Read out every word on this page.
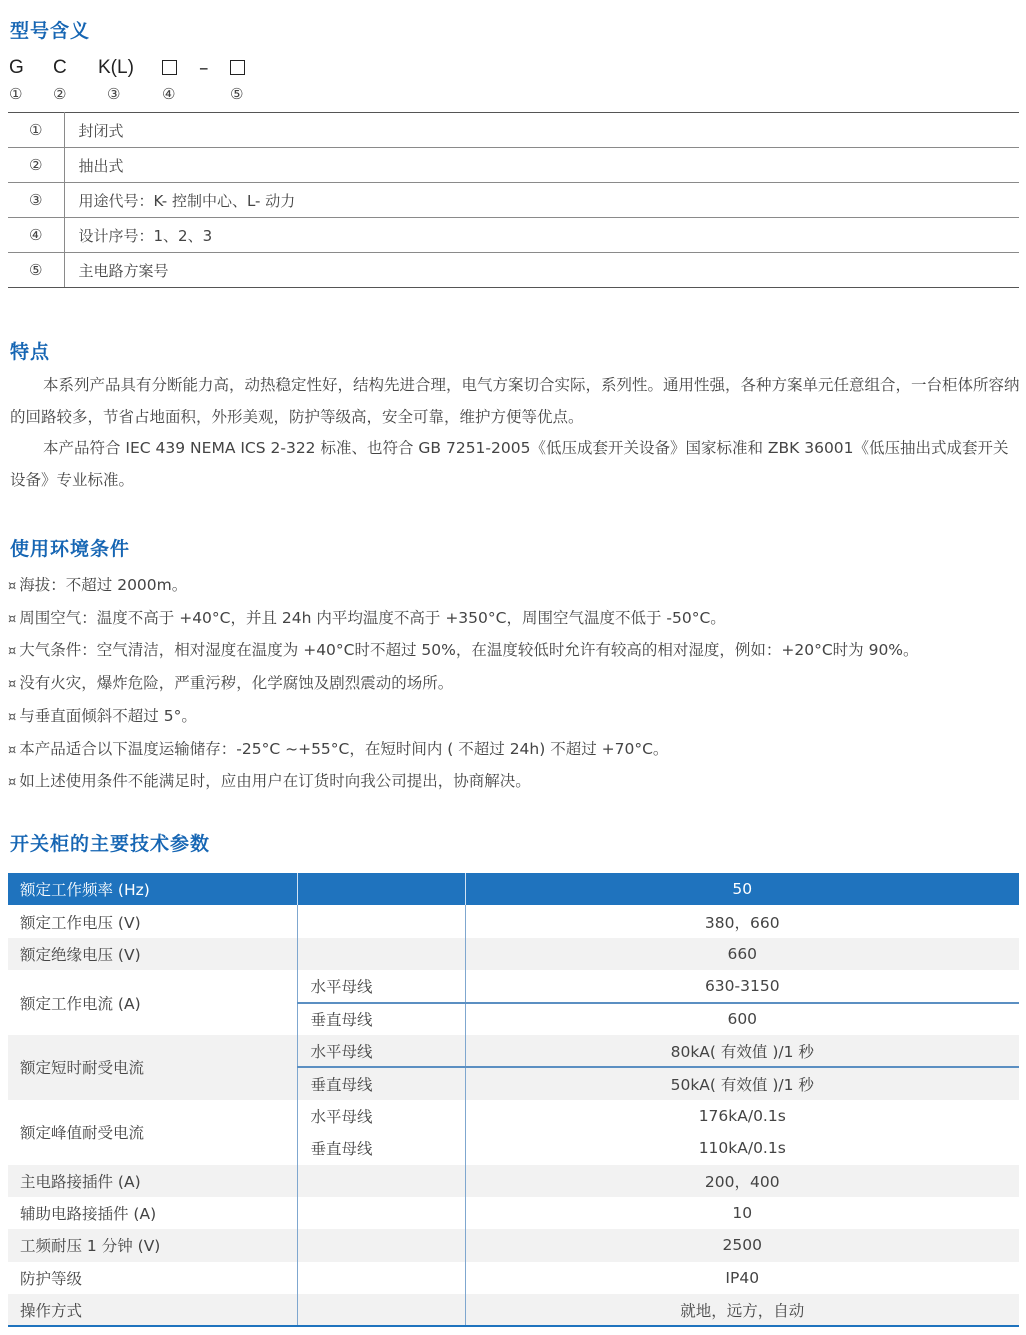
型号含义
G C K(L)	–
① ②	③	④	⑤
①	封闭式
②	抽出式
③	用途代号：K- 控制中心、L- 动力
④	设计序号：1、2、3
⑤	主电路方案号
特点

本系列产品具有分断能力高，动热稳定性好，结构先进合理，电气方案切合实际，系列性。通用性强，各种方案单元任意组合，一台柜体所容纳的回路较多，节省占地面积，外形美观，防护等级高，安全可靠，维护方便等优点。

本产品符合 IEC 439 NEMA ICS 2-322 标准、也符合 GB 7251-2005《低压成套开关设备》国家标准和 ZBK 36001《低压抽出式成套开关设备》专业标准。

使用环境条件
¤ 海拔：不超过 2000m。
¤ 周围空气：温度不高于 +40°C，并且 24h 内平均温度不高于 +350°C，周围空气温度不低于 -50°C。
¤ 大气条件：空气清洁，相对湿度在温度为 +40°C时不超过 50%，在温度较低时允许有较高的相对湿度，例如：+20°C时为 90%。
¤ 没有火灾，爆炸危险，严重污秽，化学腐蚀及剧烈震动的场所。
¤ 与垂直面倾斜不超过 5°。
¤ 本产品适合以下温度运输储存：-25°C ~+55°C，在短时间内 ( 不超过 24h) 不超过 +70°C。
¤ 如上述使用条件不能满足时，应由用户在订货时向我公司提出，协商解决。
开关柜的主要技术参数
额定工作频率 (Hz)		50
额定工作电压 (V)		380，660
额定绝缘电压 (V)		660
额定工作电流 (A)	水平母线	630-3150
	垂直母线	600
额定短时耐受电流	水平母线	80kA( 有效值 )/1 秒
	垂直母线	50kA( 有效值 )/1 秒
额定峰值耐受电流	水平母线	176kA/0.1s
	垂直母线	110kA/0.1s
主电路接插件 (A)		200，400
辅助电路接插件 (A)		10
工频耐压 1 分钟 (V)		2500
防护等级		IP40
操作方式		就地，远方，自动
